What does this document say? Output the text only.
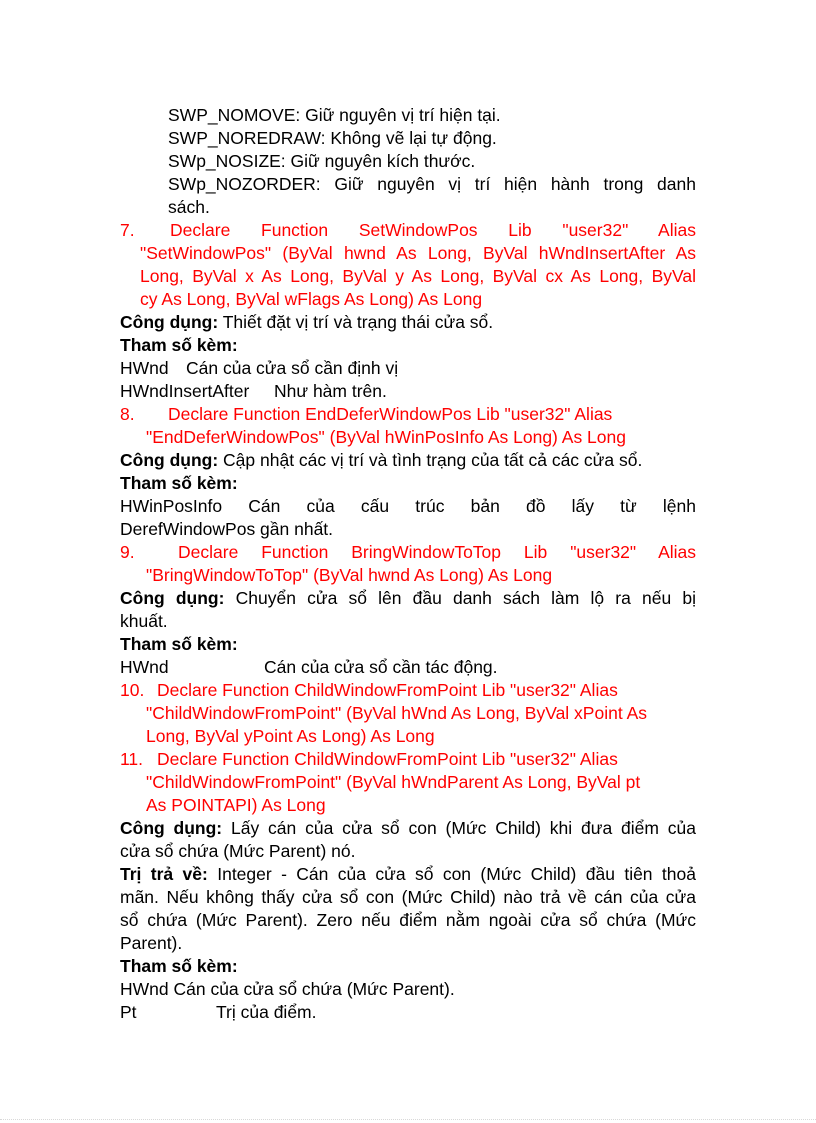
SWP_NOMOVE: Giữ nguyên vị trí hiện tại.
SWP_NOREDRAW: Không vẽ lại tự động.
SWp_NOSIZE: Giữ nguyên kích thước.
SWp_NOZORDER: Giữ nguyên vị trí hiện hành trong danh
sách.
7. Declare Function SetWindowPos Lib "user32" Alias
"SetWindowPos" (ByVal hwnd As Long, ByVal hWndInsertAfter As
Long, ByVal x As Long, ByVal y As Long, ByVal cx As Long, ByVal
cy As Long, ByVal wFlags As Long) As Long
Công dụng: Thiết đặt vị trí và trạng thái cửa sổ.
Tham số kèm:
HWnd Cán của cửa sổ cần định vị
HWndInsertAfter Như hàm trên.
8. Declare Function EndDeferWindowPos Lib "user32" Alias
"EndDeferWindowPos" (ByVal hWinPosInfo As Long) As Long
Công dụng: Cập nhật các vị trí và tình trạng của tất cả các cửa sổ.
Tham số kèm:
HWinPosInfo Cán của cấu trúc bản đồ lấy từ lệnh
DerefWindowPos gần nhất.
9. Declare Function BringWindowToTop Lib "user32" Alias
"BringWindowToTop" (ByVal hwnd As Long) As Long
Công dụng: Chuyển cửa sổ lên đầu danh sách làm lộ ra nếu bị
khuất.
Tham số kèm:
HWnd	Cán của cửa sổ cần tác động.
10. Declare Function ChildWindowFromPoint Lib "user32" Alias
"ChildWindowFromPoint" (ByVal hWnd As Long, ByVal xPoint As
Long, ByVal yPoint As Long) As Long
11. Declare Function ChildWindowFromPoint Lib "user32" Alias
"ChildWindowFromPoint" (ByVal hWndParent As Long, ByVal pt
As POINTAPI) As Long
Công dụng: Lấy cán của cửa sổ con (Mức Child) khi đưa điểm của
cửa sổ chứa (Mức Parent) nó.
Trị trả về: Integer - Cán của cửa sổ con (Mức Child) đầu tiên thoả
mãn. Nếu không thấy cửa sổ con (Mức Child) nào trả về cán của cửa
sổ chứa (Mức Parent). Zero nếu điểm nằm ngoài cửa sổ chứa (Mức
Parent).
Tham số kèm:
HWnd Cán của cửa sổ chứa (Mức Parent).
Pt	Trị của điểm.
